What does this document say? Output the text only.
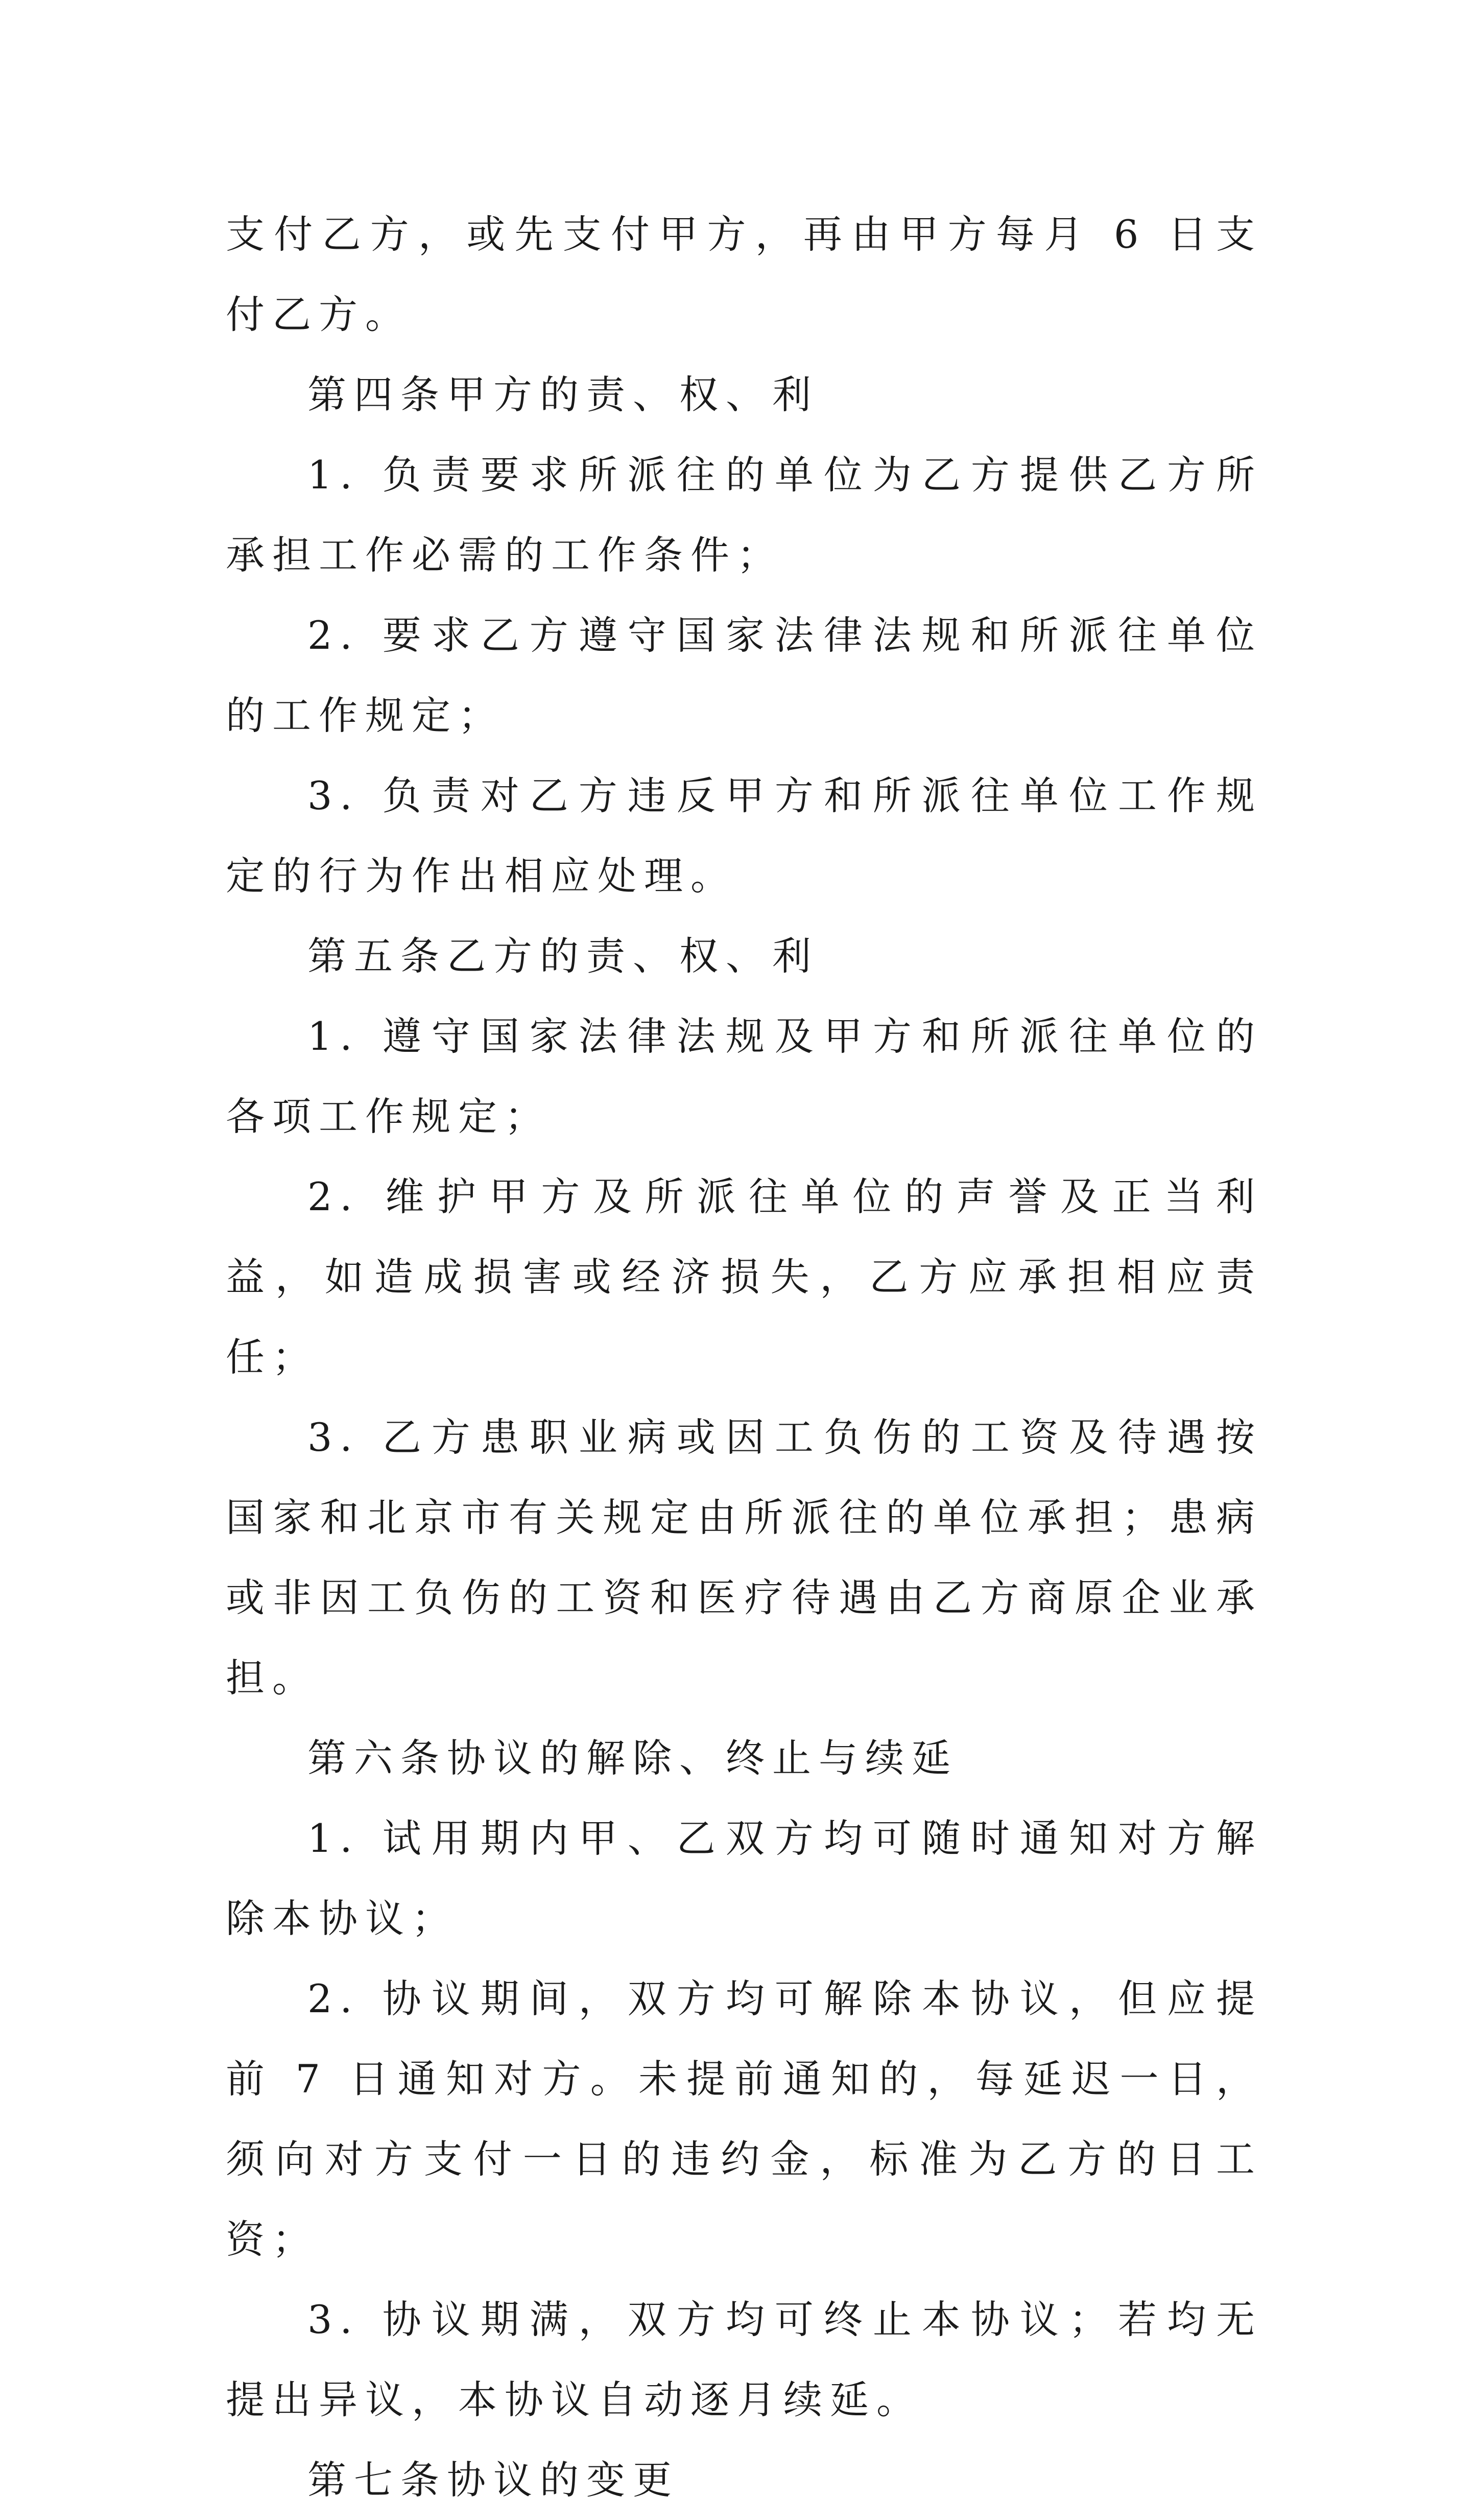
支付乙方，或先支付甲方，再由甲方每月 6 日支付乙方。

第四条甲方的责、权、利

1. 负责要求所派往的单位为乙方提供乙方所承担工作必需的工作条件；

2. 要求乙方遵守国家法律法规和所派往单位的工作规定；

3. 负责对乙方违反甲方和所派往单位工作规定的行为作出相应处理。

第五条乙方的责、权、利

1. 遵守国家法律法规及甲方和所派往单位的各项工作规定；

2. 维护甲方及所派往单位的声誉及正当利益，如造成损害或经济损失，乙方应承担相应责任；

3. 乙方患职业病或因工负伤的工资及待遇按国家和北京市有关规定由所派往的单位承担；患病或非因工负伤的工资和医疗待遇由乙方商原企业承担。

第六条协议的解除、终止与续延

1. 试用期内甲、乙双方均可随时通知对方解除本协议；

2. 协议期间，双方均可解除本协议，但应提前 7 日通知对方。未提前通知的，每延迟一日，须向对方支付一日的违约金，标准为乙方的日工资；

3. 协议期满，双方均可终止本协议；若均无提出异议，本协议自动逐月续延。

第七条协议的变更
